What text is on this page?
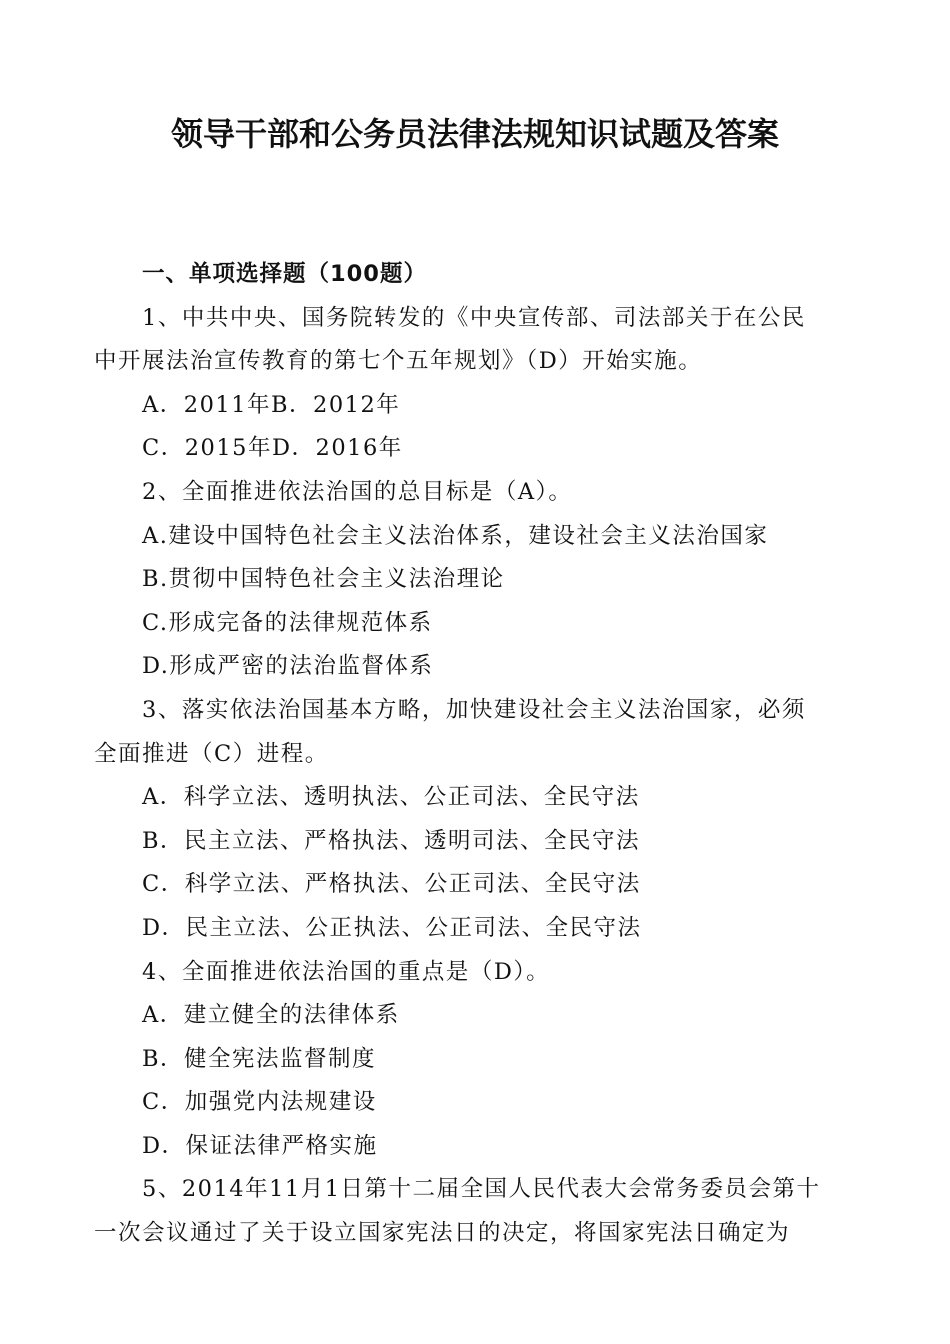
领导干部和公务员法律法规知识试题及答案

一、单项选择题（100题）

1、中共中央、国务院转发的《中央宣传部、司法部关于在公民

中开展法治宣传教育的第七个五年规划》（D）开始实施。

A．2011年B．2012年

C．2015年D．2016年

2、全面推进依法治国的总目标是（A）。

A.建设中国特色社会主义法治体系，建设社会主义法治国家

B.贯彻中国特色社会主义法治理论

C.形成完备的法律规范体系

D.形成严密的法治监督体系

3、落实依法治国基本方略，加快建设社会主义法治国家，必须

全面推进（C）进程。

A．科学立法、透明执法、公正司法、全民守法

B．民主立法、严格执法、透明司法、全民守法

C．科学立法、严格执法、公正司法、全民守法

D．民主立法、公正执法、公正司法、全民守法

4、全面推进依法治国的重点是（D）。

A．建立健全的法律体系

B．健全宪法监督制度

C．加强党内法规建设

D．保证法律严格实施

5、2014年11月1日第十二届全国人民代表大会常务委员会第十

一次会议通过了关于设立国家宪法日的决定，将国家宪法日确定为
